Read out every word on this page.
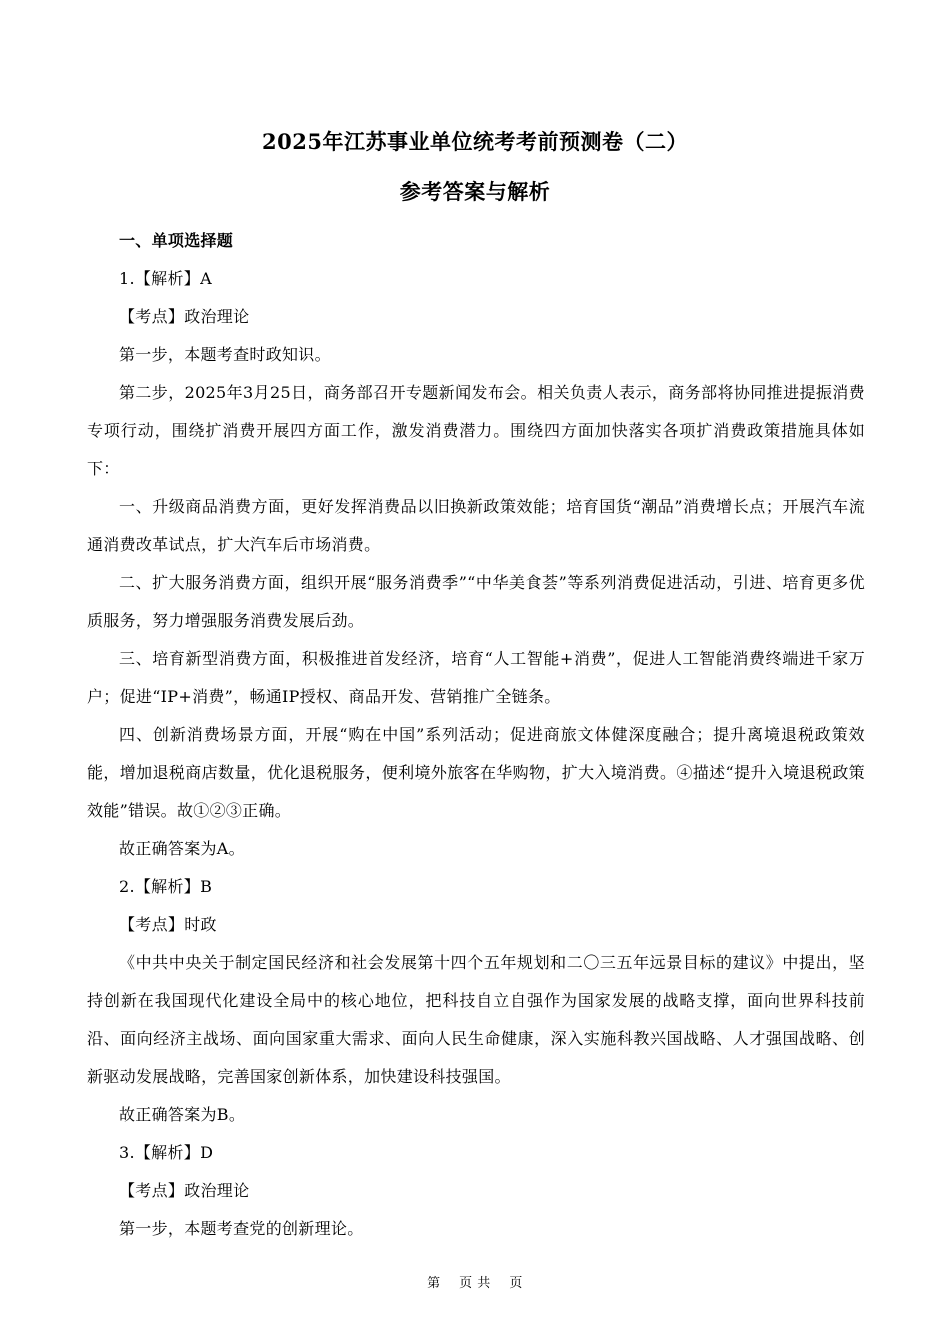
2025年江苏事业单位统考考前预测卷（二）
参考答案与解析

一、单项选择题

1.【解析】A

【考点】政治理论

第一步，本题考查时政知识。

第二步，2025年3月25日，商务部召开专题新闻发布会。相关负责人表示，商务部将协同推进提振消费专项行动，围绕扩消费开展四方面工作，激发消费潜力。围绕四方面加快落实各项扩消费政策措施具体如下：

一、升级商品消费方面，更好发挥消费品以旧换新政策效能；培育国货“潮品”消费增长点；开展汽车流通消费改革试点，扩大汽车后市场消费。

二、扩大服务消费方面，组织开展“服务消费季”“中华美食荟”等系列消费促进活动，引进、培育更多优质服务，努力增强服务消费发展后劲。

三、培育新型消费方面，积极推进首发经济，培育“人工智能+消费”，促进人工智能消费终端进千家万户；促进“IP+消费”，畅通IP授权、商品开发、营销推广全链条。

四、创新消费场景方面，开展“购在中国”系列活动；促进商旅文体健深度融合；提升离境退税政策效能，增加退税商店数量，优化退税服务，便利境外旅客在华购物，扩大入境消费。④描述“提升入境退税政策效能”错误。故①②③正确。

故正确答案为A。

2.【解析】B

【考点】时政

《中共中央关于制定国民经济和社会发展第十四个五年规划和二〇三五年远景目标的建议》中提出，坚持创新在我国现代化建设全局中的核心地位，把科技自立自强作为国家发展的战略支撑，面向世界科技前沿、面向经济主战场、面向国家重大需求、面向人民生命健康，深入实施科教兴国战略、人才强国战略、创新驱动发展战略，完善国家创新体系，加快建设科技强国。

故正确答案为B。

3.【解析】D

【考点】政治理论

第一步，本题考查党的创新理论。

第    页 共    页
